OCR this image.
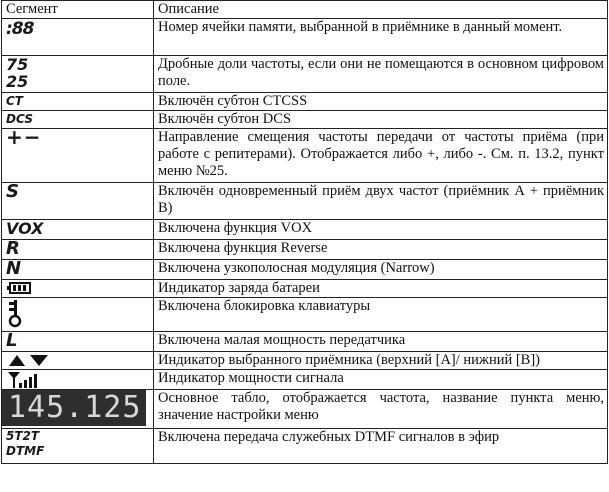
Сегмент	Описание
:88	Номер ячейки памяти, выбранной в приёмнике в данный момент.

75
25	Дробные доли частоты, если они не помещаются в основном цифровом поле.
CT	Включён субтон CTCSS
DCS	Включён субтон DCS
+−	Направление смещения частоты передачи от частоты приёма (при работе с репитерами). Отображается либо +, либо -. См. п. 13.2, пункт меню №25.
S	Включён одновременный приём двух частот (приёмник А + приёмник В)
VOX	Включена функция VOX
R	Включена функция Reverse
N	Включена узкополосная модуляция (Narrow)

	Индикатор заряда батареи

	Включена блокировка клавиатуры
L	Включена малая мощность передатчика

	Индикатор выбранного приёмника (верхний [A]/ нижний [B])

	Индикатор мощности сигнала

145.125	Основное табло, отображается частота, название пункта меню, значение настройки меню

5T2T
DTMF	Включена передача служебных DTMF сигналов в эфир
